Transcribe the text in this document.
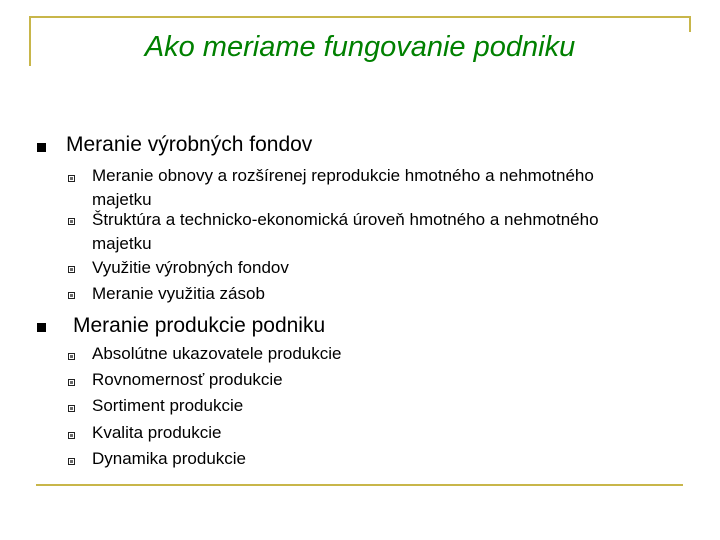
Ako meriame fungovanie podniku
Meranie výrobných fondov
Meranie obnovy a rozšírenej reprodukcie hmotného a nehmotného majetku
Štruktúra a technicko-ekonomická úroveň hmotného a nehmotného majetku
Využitie výrobných fondov
Meranie využitia zásob
Meranie produkcie podniku
Absolútne ukazovatele produkcie
Rovnomernosť produkcie
Sortiment produkcie
Kvalita produkcie
Dynamika produkcie
